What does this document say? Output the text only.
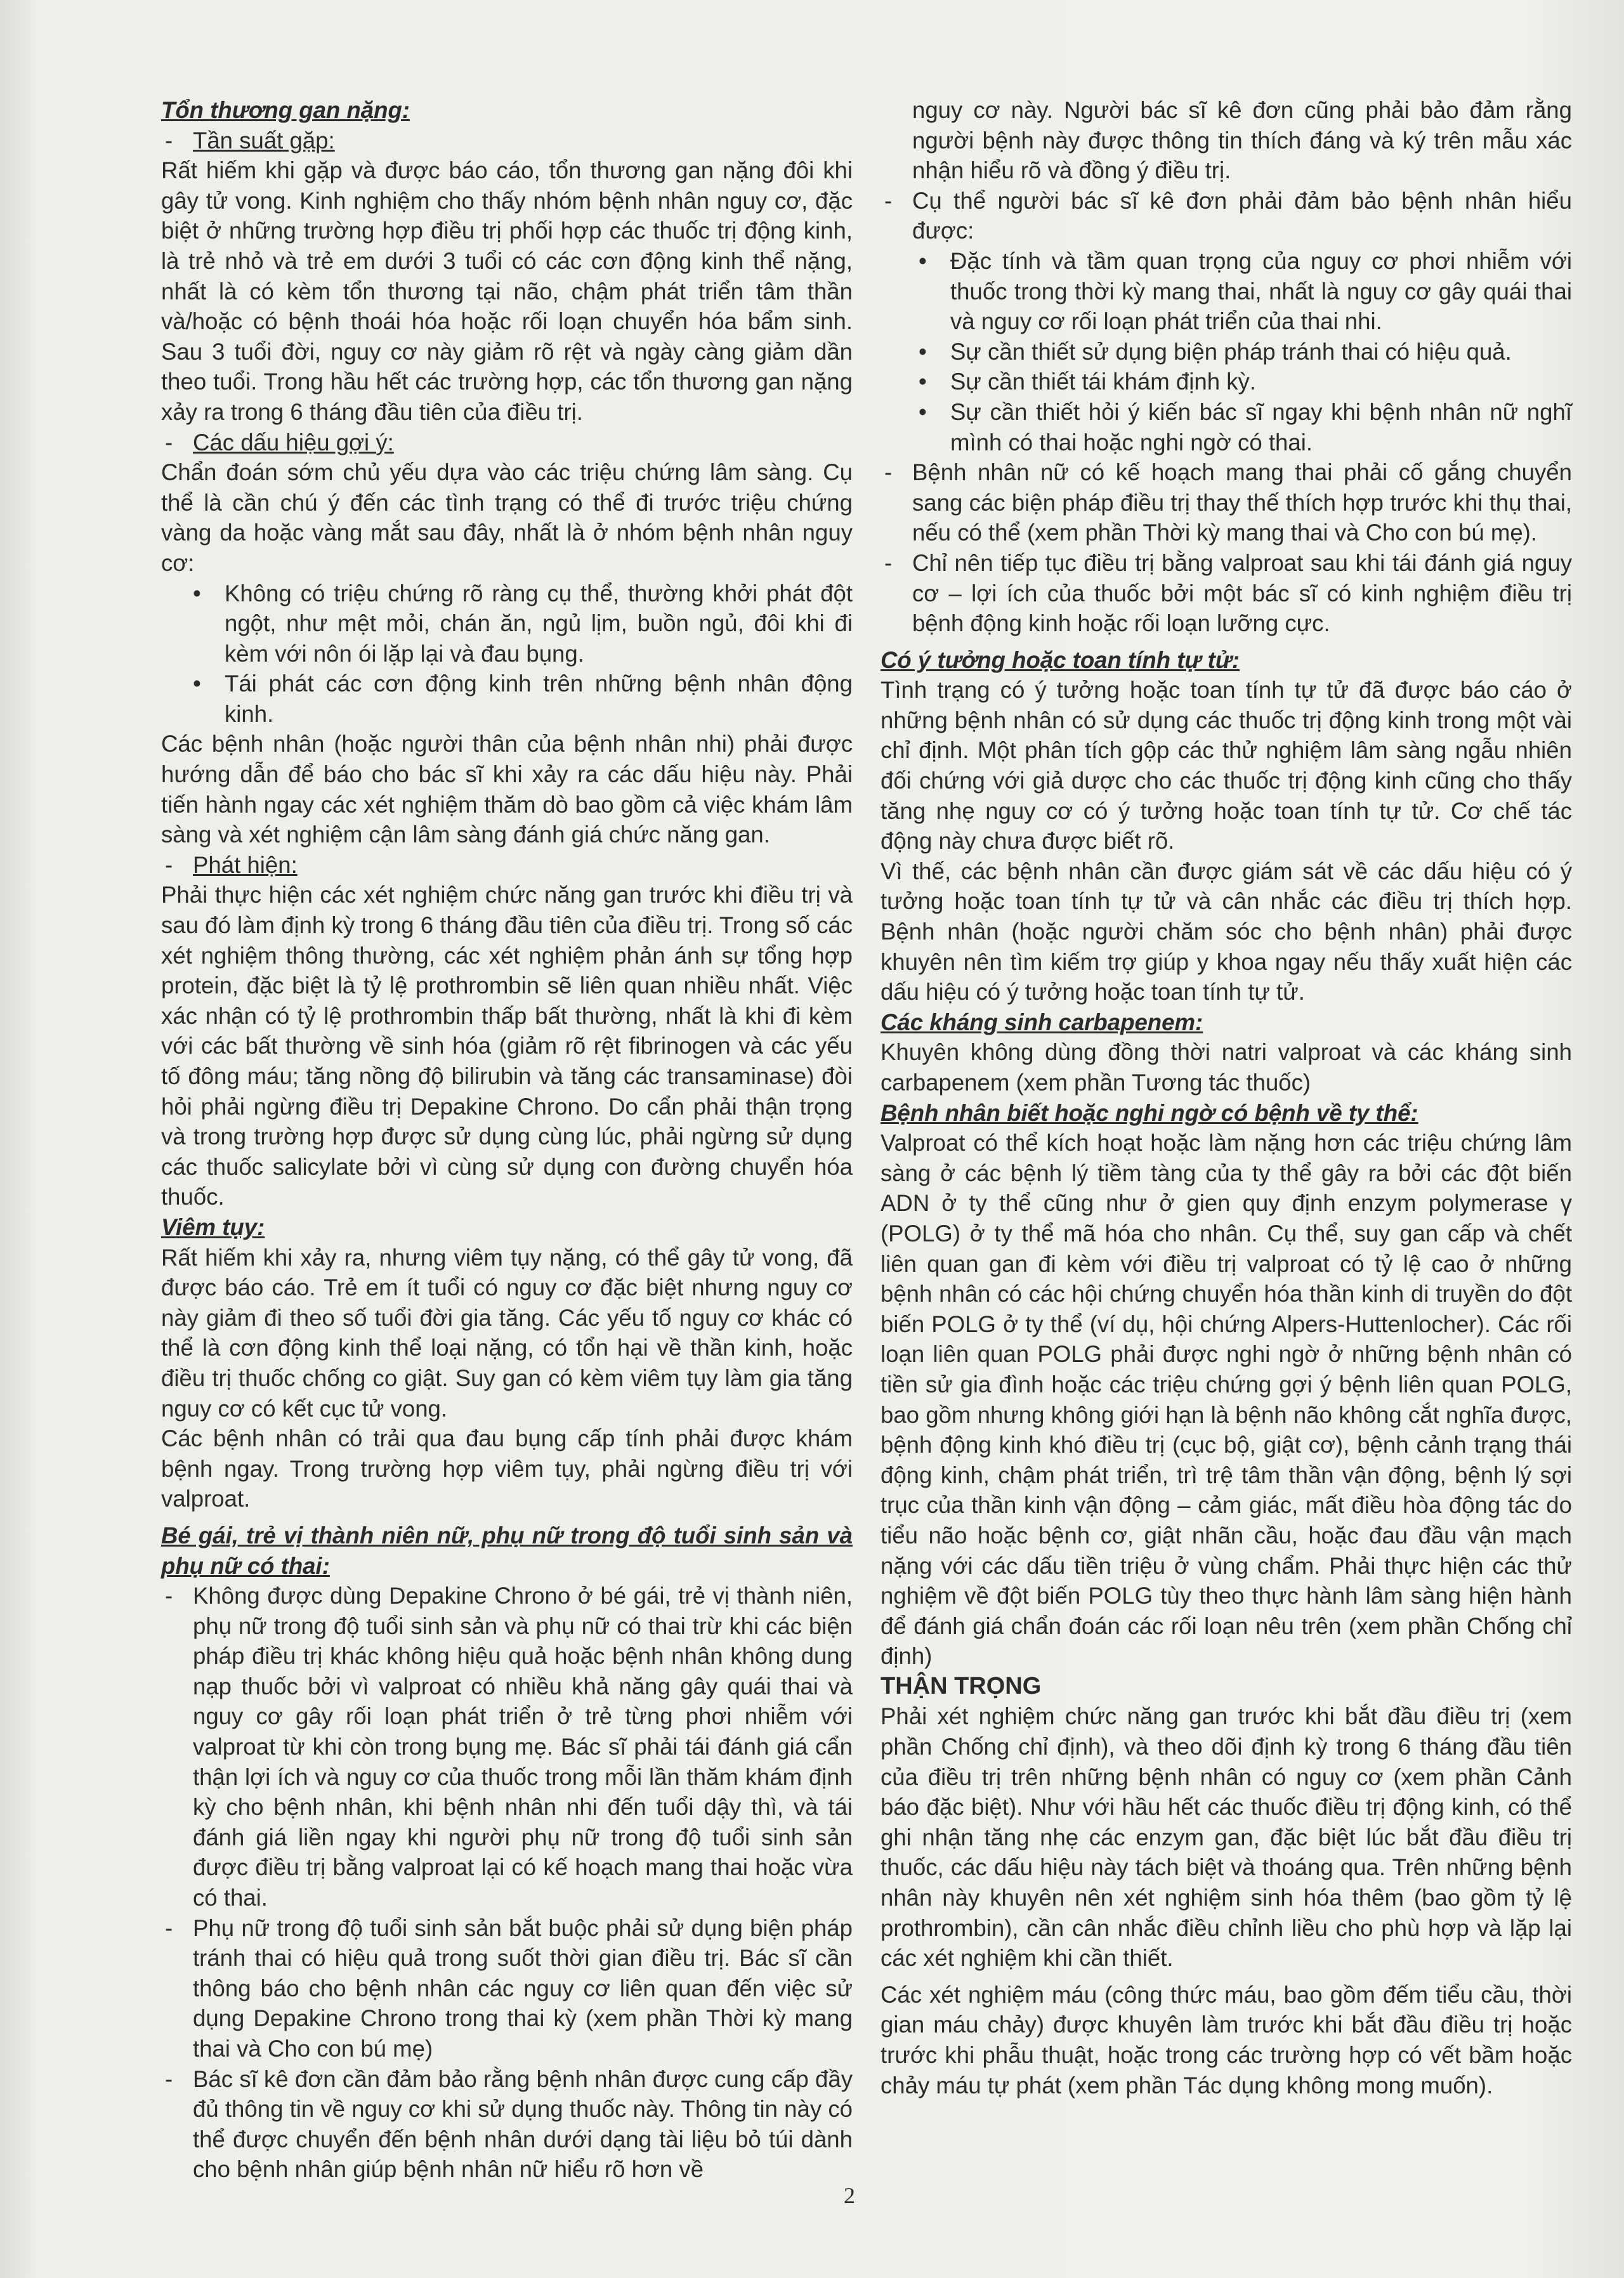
Tổn thương gan nặng:

- Tần suất gặp:

Rất hiếm khi gặp và được báo cáo, tổn thương gan nặng đôi khi gây tử vong. Kinh nghiệm cho thấy nhóm bệnh nhân nguy cơ, đặc biệt ở những trường hợp điều trị phối hợp các thuốc trị động kinh, là trẻ nhỏ và trẻ em dưới 3 tuổi có các cơn động kinh thể nặng, nhất là có kèm tổn thương tại não, chậm phát triển tâm thần và/hoặc có bệnh thoái hóa hoặc rối loạn chuyển hóa bẩm sinh. Sau 3 tuổi đời, nguy cơ này giảm rõ rệt và ngày càng giảm dần theo tuổi. Trong hầu hết các trường hợp, các tổn thương gan nặng xảy ra trong 6 tháng đầu tiên của điều trị.

- Các dấu hiệu gợi ý:

Chẩn đoán sớm chủ yếu dựa vào các triệu chứng lâm sàng. Cụ thể là cần chú ý đến các tình trạng có thể đi trước triệu chứng vàng da hoặc vàng mắt sau đây, nhất là ở nhóm bệnh nhân nguy cơ:

• Không có triệu chứng rõ ràng cụ thể, thường khởi phát đột ngột, như mệt mỏi, chán ăn, ngủ lịm, buồn ngủ, đôi khi đi kèm với nôn ói lặp lại và đau bụng.

• Tái phát các cơn động kinh trên những bệnh nhân động kinh.

Các bệnh nhân (hoặc người thân của bệnh nhân nhi) phải được hướng dẫn để báo cho bác sĩ khi xảy ra các dấu hiệu này. Phải tiến hành ngay các xét nghiệm thăm dò bao gồm cả việc khám lâm sàng và xét nghiệm cận lâm sàng đánh giá chức năng gan.

- Phát hiện:

Phải thực hiện các xét nghiệm chức năng gan trước khi điều trị và sau đó làm định kỳ trong 6 tháng đầu tiên của điều trị. Trong số các xét nghiệm thông thường, các xét nghiệm phản ánh sự tổng hợp protein, đặc biệt là tỷ lệ prothrombin sẽ liên quan nhiều nhất. Việc xác nhận có tỷ lệ prothrombin thấp bất thường, nhất là khi đi kèm với các bất thường về sinh hóa (giảm rõ rệt fibrinogen và các yếu tố đông máu; tăng nồng độ bilirubin và tăng các transaminase) đòi hỏi phải ngừng điều trị Depakine Chrono. Do cẩn phải thận trọng và trong trường hợp được sử dụng cùng lúc, phải ngừng sử dụng các thuốc salicylate bởi vì cùng sử dụng con đường chuyển hóa thuốc.

Viêm tụy:

Rất hiếm khi xảy ra, nhưng viêm tụy nặng, có thể gây tử vong, đã được báo cáo. Trẻ em ít tuổi có nguy cơ đặc biệt nhưng nguy cơ này giảm đi theo số tuổi đời gia tăng. Các yếu tố nguy cơ khác có thể là cơn động kinh thể loại nặng, có tổn hại về thần kinh, hoặc điều trị thuốc chống co giật. Suy gan có kèm viêm tụy làm gia tăng nguy cơ có kết cục tử vong.

Các bệnh nhân có trải qua đau bụng cấp tính phải được khám bệnh ngay. Trong trường hợp viêm tụy, phải ngừng điều trị với valproat.

Bé gái, trẻ vị thành niên nữ, phụ nữ trong độ tuổi sinh sản và phụ nữ có thai:

- Không được dùng Depakine Chrono ở bé gái, trẻ vị thành niên, phụ nữ trong độ tuổi sinh sản và phụ nữ có thai trừ khi các biện pháp điều trị khác không hiệu quả hoặc bệnh nhân không dung nạp thuốc bởi vì valproat có nhiều khả năng gây quái thai và nguy cơ gây rối loạn phát triển ở trẻ từng phơi nhiễm với valproat từ khi còn trong bụng mẹ. Bác sĩ phải tái đánh giá cẩn thận lợi ích và nguy cơ của thuốc trong mỗi lần thăm khám định kỳ cho bệnh nhân, khi bệnh nhân nhi đến tuổi dậy thì, và tái đánh giá liền ngay khi người phụ nữ trong độ tuổi sinh sản được điều trị bằng valproat lại có kế hoạch mang thai hoặc vừa có thai.

- Phụ nữ trong độ tuổi sinh sản bắt buộc phải sử dụng biện pháp tránh thai có hiệu quả trong suốt thời gian điều trị. Bác sĩ cần thông báo cho bệnh nhân các nguy cơ liên quan đến việc sử dụng Depakine Chrono trong thai kỳ (xem phần Thời kỳ mang thai và Cho con bú mẹ)

- Bác sĩ kê đơn cần đảm bảo rằng bệnh nhân được cung cấp đầy đủ thông tin về nguy cơ khi sử dụng thuốc này. Thông tin này có thể được chuyển đến bệnh nhân dưới dạng tài liệu bỏ túi dành cho bệnh nhân giúp bệnh nhân nữ hiểu rõ hơn về

nguy cơ này. Người bác sĩ kê đơn cũng phải bảo đảm rằng người bệnh này được thông tin thích đáng và ký trên mẫu xác nhận hiểu rõ và đồng ý điều trị.

- Cụ thể người bác sĩ kê đơn phải đảm bảo bệnh nhân hiểu được:

• Đặc tính và tầm quan trọng của nguy cơ phơi nhiễm với thuốc trong thời kỳ mang thai, nhất là nguy cơ gây quái thai và nguy cơ rối loạn phát triển của thai nhi.

• Sự cần thiết sử dụng biện pháp tránh thai có hiệu quả.

• Sự cần thiết tái khám định kỳ.

• Sự cần thiết hỏi ý kiến bác sĩ ngay khi bệnh nhân nữ nghĩ mình có thai hoặc nghi ngờ có thai.

- Bệnh nhân nữ có kế hoạch mang thai phải cố gắng chuyển sang các biện pháp điều trị thay thế thích hợp trước khi thụ thai, nếu có thể (xem phần Thời kỳ mang thai và Cho con bú mẹ).

- Chỉ nên tiếp tục điều trị bằng valproat sau khi tái đánh giá nguy cơ – lợi ích của thuốc bởi một bác sĩ có kinh nghiệm điều trị bệnh động kinh hoặc rối loạn lưỡng cực.

Có ý tưởng hoặc toan tính tự tử:

Tình trạng có ý tưởng hoặc toan tính tự tử đã được báo cáo ở những bệnh nhân có sử dụng các thuốc trị động kinh trong một vài chỉ định. Một phân tích gộp các thử nghiệm lâm sàng ngẫu nhiên đối chứng với giả dược cho các thuốc trị động kinh cũng cho thấy tăng nhẹ nguy cơ có ý tưởng hoặc toan tính tự tử. Cơ chế tác động này chưa được biết rõ.

Vì thế, các bệnh nhân cần được giám sát về các dấu hiệu có ý tưởng hoặc toan tính tự tử và cân nhắc các điều trị thích hợp. Bệnh nhân (hoặc người chăm sóc cho bệnh nhân) phải được khuyên nên tìm kiếm trợ giúp y khoa ngay nếu thấy xuất hiện các dấu hiệu có ý tưởng hoặc toan tính tự tử.

Các kháng sinh carbapenem:

Khuyên không dùng đồng thời natri valproat và các kháng sinh carbapenem (xem phần Tương tác thuốc)

Bệnh nhân biết hoặc nghi ngờ có bệnh về ty thể:

Valproat có thể kích hoạt hoặc làm nặng hơn các triệu chứng lâm sàng ở các bệnh lý tiềm tàng của ty thể gây ra bởi các đột biến ADN ở ty thể cũng như ở gien quy định enzym polymerase γ (POLG) ở ty thể mã hóa cho nhân. Cụ thể, suy gan cấp và chết liên quan gan đi kèm với điều trị valproat có tỷ lệ cao ở những bệnh nhân có các hội chứng chuyển hóa thần kinh di truyền do đột biến POLG ở ty thể (ví dụ, hội chứng Alpers-Huttenlocher). Các rối loạn liên quan POLG phải được nghi ngờ ở những bệnh nhân có tiền sử gia đình hoặc các triệu chứng gợi ý bệnh liên quan POLG, bao gồm nhưng không giới hạn là bệnh não không cắt nghĩa được, bệnh động kinh khó điều trị (cục bộ, giật cơ), bệnh cảnh trạng thái động kinh, chậm phát triển, trì trệ tâm thần vận động, bệnh lý sợi trục của thần kinh vận động – cảm giác, mất điều hòa động tác do tiểu não hoặc bệnh cơ, giật nhãn cầu, hoặc đau đầu vận mạch nặng với các dấu tiền triệu ở vùng chẩm. Phải thực hiện các thử nghiệm về đột biến POLG tùy theo thực hành lâm sàng hiện hành để đánh giá chẩn đoán các rối loạn nêu trên (xem phần Chống chỉ định)

THẬN TRỌNG

Phải xét nghiệm chức năng gan trước khi bắt đầu điều trị (xem phần Chống chỉ định), và theo dõi định kỳ trong 6 tháng đầu tiên của điều trị trên những bệnh nhân có nguy cơ (xem phần Cảnh báo đặc biệt). Như với hầu hết các thuốc điều trị động kinh, có thể ghi nhận tăng nhẹ các enzym gan, đặc biệt lúc bắt đầu điều trị thuốc, các dấu hiệu này tách biệt và thoáng qua. Trên những bệnh nhân này khuyên nên xét nghiệm sinh hóa thêm (bao gồm tỷ lệ prothrombin), cần cân nhắc điều chỉnh liều cho phù hợp và lặp lại các xét nghiệm khi cần thiết.

Các xét nghiệm máu (công thức máu, bao gồm đếm tiểu cầu, thời gian máu chảy) được khuyên làm trước khi bắt đầu điều trị hoặc trước khi phẫu thuật, hoặc trong các trường hợp có vết bầm hoặc chảy máu tự phát (xem phần Tác dụng không mong muốn).

2
